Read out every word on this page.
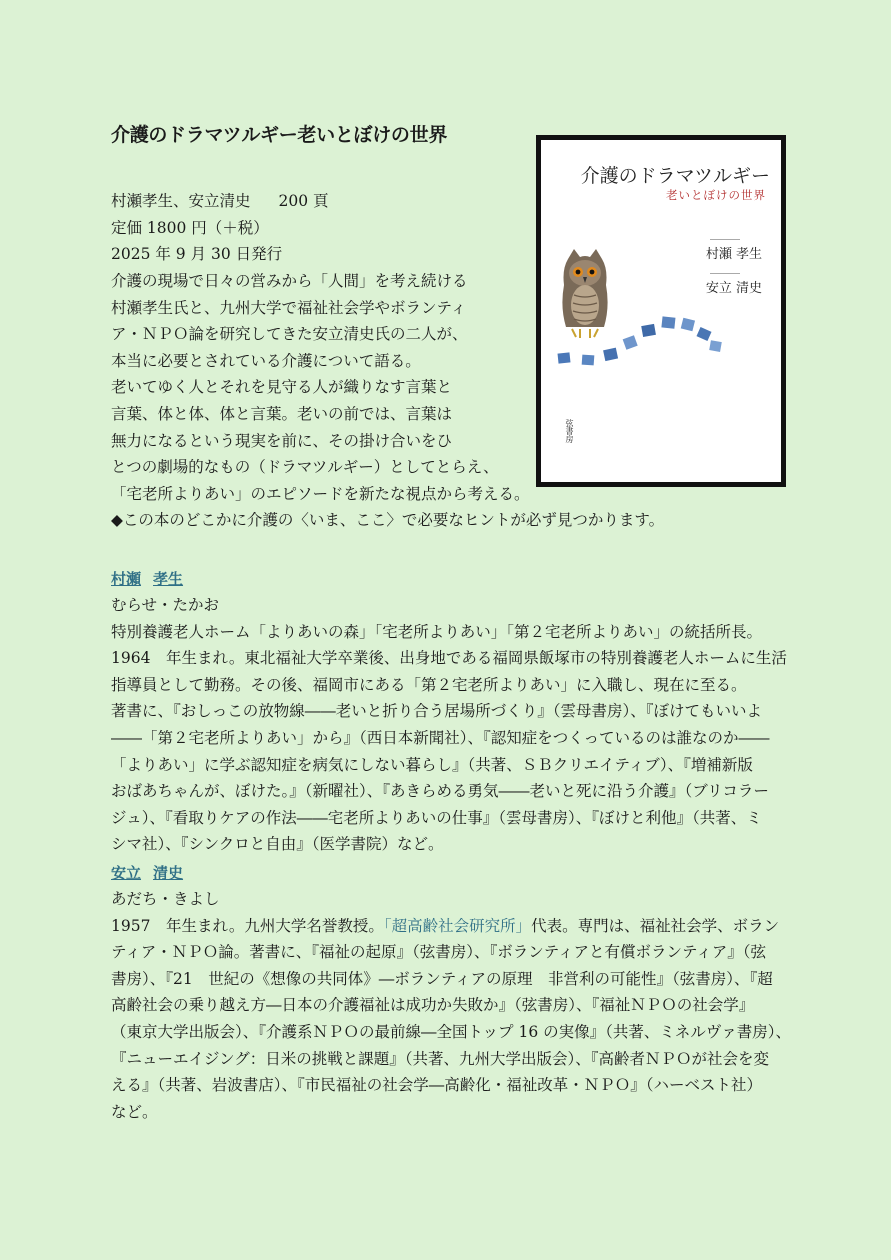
介護のドラマツルギー老いとぼけの世界
村瀬孝生、安立清史 200 頁
定価 1800 円（＋税）
2025 年 9 月 30 日発行
介護の現場で日々の営みから「人間」を考え続ける
村瀬孝生氏と、九州大学で福祉社会学やボランティ
ア・ＮＰＯ論を研究してきた安立清史氏の二人が、
本当に必要とされている介護について語る。
老いてゆく人とそれを見守る人が織りなす言葉と
言葉、体と体、体と言葉。老いの前では、言葉は
無力になるという現実を前に、その掛け合いをひ
とつの劇場的なもの（ドラマツルギー）としてとらえ、
「宅老所よりあい」のエピソードを新たな視点から考える。
◆この本のどこかに介護の〈いま、ここ〉で必要なヒントが必ず見つかります。
介護のドラマツルギー
老いとぼけの世界
村瀬 孝生
安立 清史
弦書房
村瀬 孝生
むらせ・たかお
特別養護老人ホーム「よりあいの森」「宅老所よりあい」「第２宅老所よりあい」の統括所長。
1964　年生まれ。東北福祉大学卒業後、出身地である福岡県飯塚市の特別養護老人ホームに生活
指導員として勤務。その後、福岡市にある「第２宅老所よりあい」に入職し、現在に至る。
著書に、『おしっこの放物線――老いと折り合う居場所づくり』（雲母書房）、『ぼけてもいいよ
――「第２宅老所よりあい」から』（西日本新聞社）、『認知症をつくっているのは誰なのか――
「よりあい」に学ぶ認知症を病気にしない暮らし』（共著、ＳＢクリエイティブ）、『増補新版
おばあちゃんが、ぼけた。』（新曜社）、『あきらめる勇気――老いと死に沿う介護』（ブリコラー
ジュ）、『看取りケアの作法――宅老所よりあいの仕事』（雲母書房）、『ぼけと利他』（共著、ミ
シマ社）、『シンクロと自由』（医学書院）など。
安立 清史
あだち・きよし
1957　年生まれ。九州大学名誉教授。「超高齢社会研究所」代表。専門は、福祉社会学、ボラン
ティア・ＮＰＯ論。著書に、『福祉の起原』（弦書房）、『ボランティアと有償ボランティア』（弦
書房）、『21　世紀の《想像の共同体》―ボランティアの原理　非営利の可能性』（弦書房）、『超
高齢社会の乗り越え方―日本の介護福祉は成功か失敗か』（弦書房）、『福祉ＮＰＯの社会学』
（東京大学出版会）、『介護系ＮＰＯの最前線―全国トップ 16 の実像』（共著、ミネルヴァ書房）、
『ニューエイジング：日米の挑戦と課題』（共著、九州大学出版会）、『高齢者ＮＰＯが社会を変
える』（共著、岩波書店）、『市民福祉の社会学―高齢化・福祉改革・ＮＰＯ』（ハーベスト社）
など。
